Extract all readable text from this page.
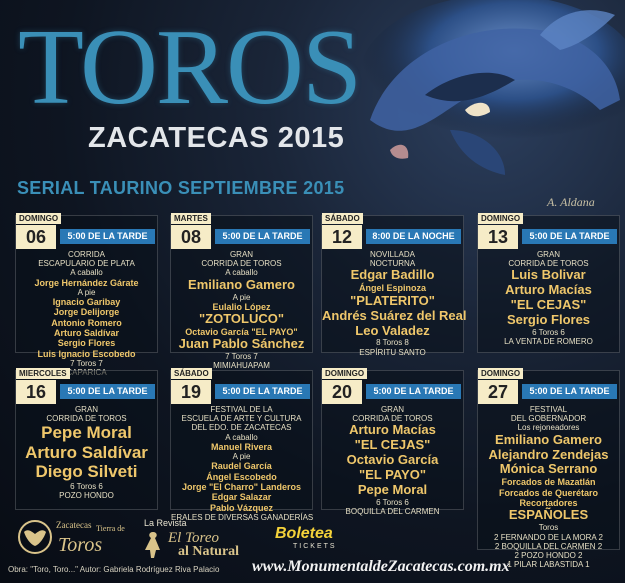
TOROS
ZACATECAS 2015
SERIAL TAURINO SEPTIEMBRE 2015
A. Aldana
DOMINGO
06	5:00 DE LA TARDE
CORRIDA
ESCAPULARIO DE PLATA
A caballo
Jorge Hernández Gárate
A pie
Ignacio Garibay
Jorge Delijorge
Antonio Romero
Arturo Saldívar
Sergio Flores
Luis Ignacio Escobedo
7 Toros 7
MARTES
08	5:00 DE LA TARDE
GRAN
CORRIDA DE TOROS
A caballo
Emiliano Gamero
A pie
Eulalio López
"ZOTOLUCO"
Octavio García "EL PAYO"
Juan Pablo Sánchez
7 Toros 7
MIMIAHUAPAM
SÁBADO
12	8:00 DE LA NOCHE
NOVILLADA
NOCTURNA
Edgar Badillo
Ángel Espinoza
"PLATERITO"
Andrés Suárez del Real
Leo Valadez
8 Toros 8
ESPÍRITU SANTO
DOMINGO
13	5:00 DE LA TARDE
GRAN
CORRIDA DE TOROS
Luis Bolivar
Arturo Macías
"EL CEJAS"
Sergio Flores
6 Toros 6
LA VENTA DE ROMERO
MIERCOLES
16	5:00 DE LA TARDE
GRAN
CORRIDA DE TOROS
Pepe Moral
Arturo Saldívar
Diego Silveti
6 Toros 6
POZO HONDO
SÁBADO
19	5:00 DE LA TARDE
FESTIVAL DE LA
ESCUELA DE ARTE Y CULTURA
DEL EDO. DE ZACATECAS
A caballo
Manuel Rivera
A pie
Raudel García
Ángel Escobedo
Jorge "El Charro" Landeros
Edgar Salazar
Pablo Vázquez
ERALES DE DIVERSAS GANADERÍAS
DOMINGO
20	5:00 DE LA TARDE
GRAN
CORRIDA DE TOROS
Arturo Macías
"EL CEJAS"
Octavio García
"EL PAYO"
Pepe Moral
6 Toros 6
BOQUILLA DEL CARMEN
DOMINGO
27	5:00 DE LA TARDE
FESTIVAL
DEL GOBERNADOR
Los rejoneadores
Emiliano Gamero
Alejandro Zendejas
Mónica Serrano
Forcados de Mazatlán
Forcados de Querétaro
Recortadores
ESPAÑOLES
Toros
2 FERNANDO DE LA MORA 2
2 BOQUILLA DEL CARMEN 2
2 POZO HONDO 2
1 PILAR LABASTIDA 1
Zacatecas Tierra de
Toros
La Revista
El Toreo
al Natural
Boletea
TICKETS
Obra: "Toro, Toro..." Autor: Gabriela Rodríguez Riva Palacio www.MonumentaldeZacatecas.com.mx
